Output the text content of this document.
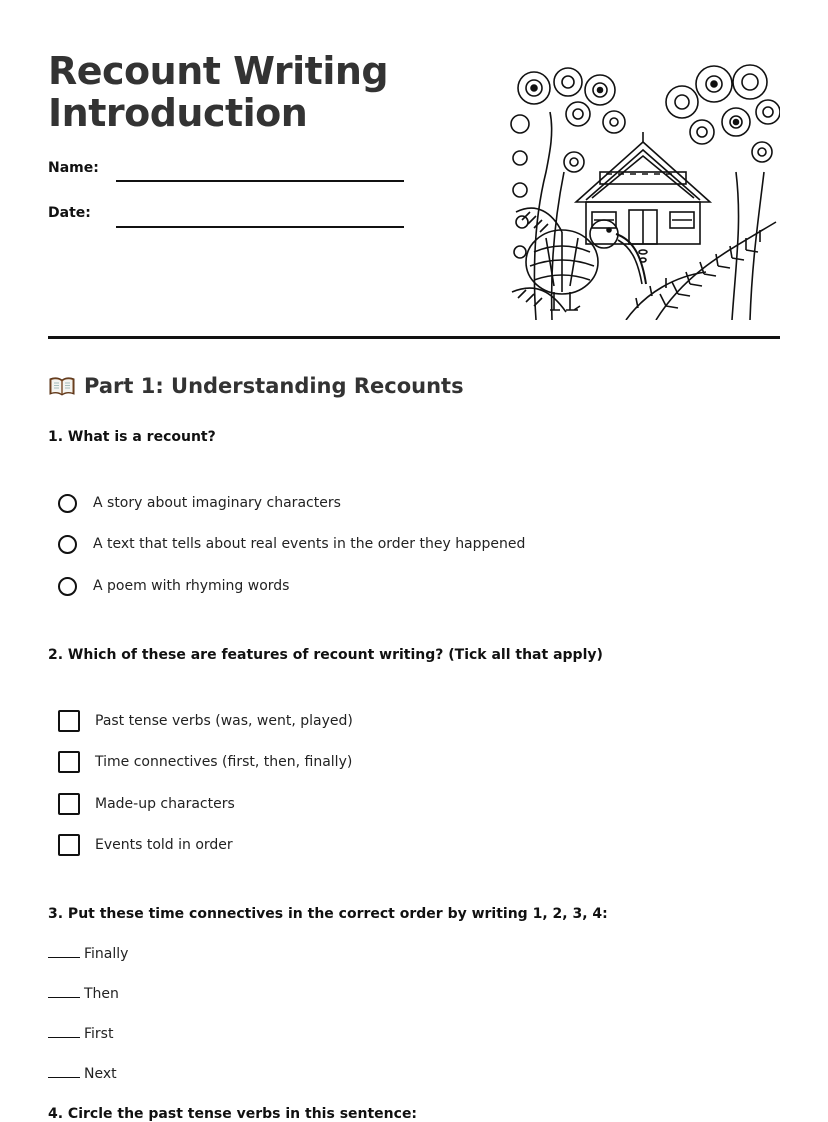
Recount Writing
Introduction
Name:
Date:
Part 1: Understanding Recounts
1. What is a recount?
A story about imaginary characters
A text that tells about real events in the order they happened
A poem with rhyming words
2. Which of these are features of recount writing? (Tick all that apply)
Past tense verbs (was, went, played)
Time connectives (first, then, finally)
Made-up characters
Events told in order
3. Put these time connectives in the correct order by writing 1, 2, 3, 4:
Finally
Then
First
Next
4. Circle the past tense verbs in this sentence:
